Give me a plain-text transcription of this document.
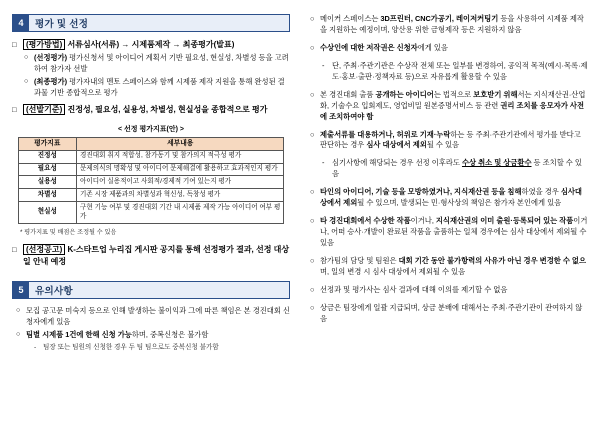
4	평가 및 선정
□	(평가방법) 서류심사(서류) → 시제품제작 → 최종평가(발표)
○ (선정평가) 평가신청서 및 아이디어 계획서 기반 필요성, 현실성, 차별성 등을 고려하여 참가자 선발
○ (최종평가) 평가자내의 멘토 스페이스와 함께 시제품 제작 지원을 통해 완성된 결과물 기반 종합적으로 평가
□	(선발기준) 진정성, 필요성, 실용성, 차별성, 현실성을 종합적으로 평가
< 선정 평가지표(안) >
평가지표	세부내용
진정성	경진대회 취지 적합성, 참가동기 및 참가의지 적극성 평가
필요성	문제의식의 명확성 및 아이디어 문제해결에 활용하고 효과적인지 평가
실용성	아이디어 실용적이고 사회적/경제적 기여 있는지 평가
차별성	기존 시장 제품과의 차별성과 혁신성, 독창성 평가
현실성	구현 기능 여부 및 경진대회 기간 내 시제품 제작 가능 아이디어 여부 평가
* 평가지표 및 배점은 조정될 수 있음
□	(선정공고) K-스타트업 누리집 게시판 공지를 통해 선정평가 결과, 선정 대상 일 안내 예정
5	유의사항
○ 모집 공고문 미숙지 등으로 인해 발생하는 불이익과 그에 따른 책임은 본 경진대회 신청자에게 있음
○ 팀별 시제품 1건에 한해 신청 가능하며, 중복신청은 불가함
-	팀장 또는 팀원의 신청한 경우 두 팀 팀으로도 중복신청 불가함
○ 메이커 스페이스는 3D프린터, CNC가공기, 레이저커팅기 등을 사용하여 시제품 제작을 지원하는 예정이며, 양산용 위한 금형제작 등은 지원하지 않음
○ 수상인에 대한 저작권은 신청자에게 있음
-	단, 주최·주관기관은 수상작 전체 또는 일부를 변경하여, 공익적 목적(예시·목록·제도·홍보·출판·정책자료 등)으로 자유롭게 활용할 수 있음
○ 본 경진대회 출품 공개하는 아이디어는 법적으로 보호받기 위해서는 지식재산권·산업 화, 기술수요 입회제도, 영업비밀 원본증명서비스 등 관련 권리 조치를 응모자가 사전에 조치하여야 함
○ 제출서류를 대용하거나, 허위로 기재·누락하는 등 주최·주관기관에서 평가를 받다고 판단하는 경우 심사 대상에서 제외될 수 있음
-	심기사항에 해당되는 경우 선정 이후라도 수상 취소 및 상금환수 등 조치할 수 있음
○ 타인의 아이디어, 기술 등을 모방하였거나, 지식재산권 등을 침해하였을 경우 심사대상에서 제외될 수 있으며, 발생되는 민·형사상의 책임은 참가자 본인에게 있음
○ 타 경진대회에서 수상한 작품이거나, 지식재산권의 이미 출원·등록되어 있는 작품이거나, 어떠 승사·개발이 완료된 작품을 출품하는 일체 경우에는 심사 대상에서 제외될 수 있음
○ 참가팀의 담당 및 팀원은 대회 기간 동안 불가항력의 사유가 아닌 경우 변경한 수 없으며, 일의 변경 시 심사 대상에서 제외될 수 있음
○ 선정과 및 평가사는 심사 결과에 대해 이의를 제기할 수 없음
○ 상금은 팀장에게 일괄 지급되며, 상금 분배에 대해서는 주최·주관기관이 관여하지 않음
